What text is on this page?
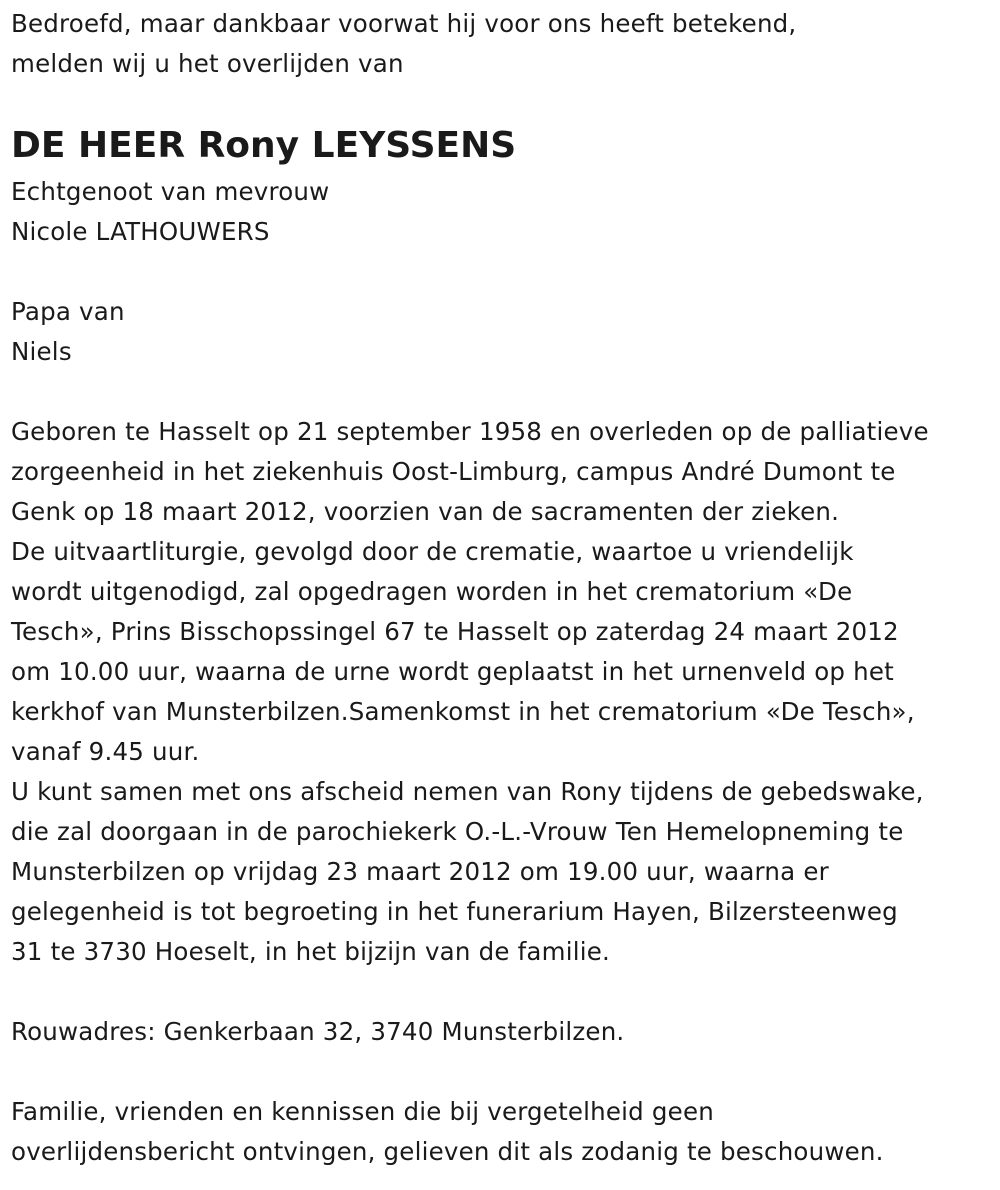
Bedroefd, maar dankbaar voorwat hij voor ons heeft betekend,
melden wij u het overlijden van
DE HEER Rony LEYSSENS
Echtgenoot van mevrouw
Nicole LATHOUWERS
Papa van
Niels
Geboren te Hasselt op 21 september 1958 en overleden op de palliatieve
zorgeenheid in het ziekenhuis Oost-Limburg, campus André Dumont te
Genk op 18 maart 2012, voorzien van de sacramenten der zieken.
De uitvaartliturgie, gevolgd door de crematie, waartoe u vriendelijk
wordt uitgenodigd, zal opgedragen worden in het crematorium «De
Tesch», Prins Bisschopssingel 67 te Hasselt op zaterdag 24 maart 2012
om 10.00 uur, waarna de urne wordt geplaatst in het urnenveld op het
kerkhof van Munsterbilzen.Samenkomst in het crematorium «De Tesch»,
vanaf 9.45 uur.
U kunt samen met ons afscheid nemen van Rony tijdens de gebedswake,
die zal doorgaan in de parochiekerk O.-L.-Vrouw Ten Hemelopneming te
Munsterbilzen op vrijdag 23 maart 2012 om 19.00 uur, waarna er
gelegenheid is tot begroeting in het funerarium Hayen, Bilzersteenweg
31 te 3730 Hoeselt, in het bijzijn van de familie.
Rouwadres: Genkerbaan 32, 3740 Munsterbilzen.
Familie, vrienden en kennissen die bij vergetelheid geen
overlijdensbericht ontvingen, gelieven dit als zodanig te beschouwen.
